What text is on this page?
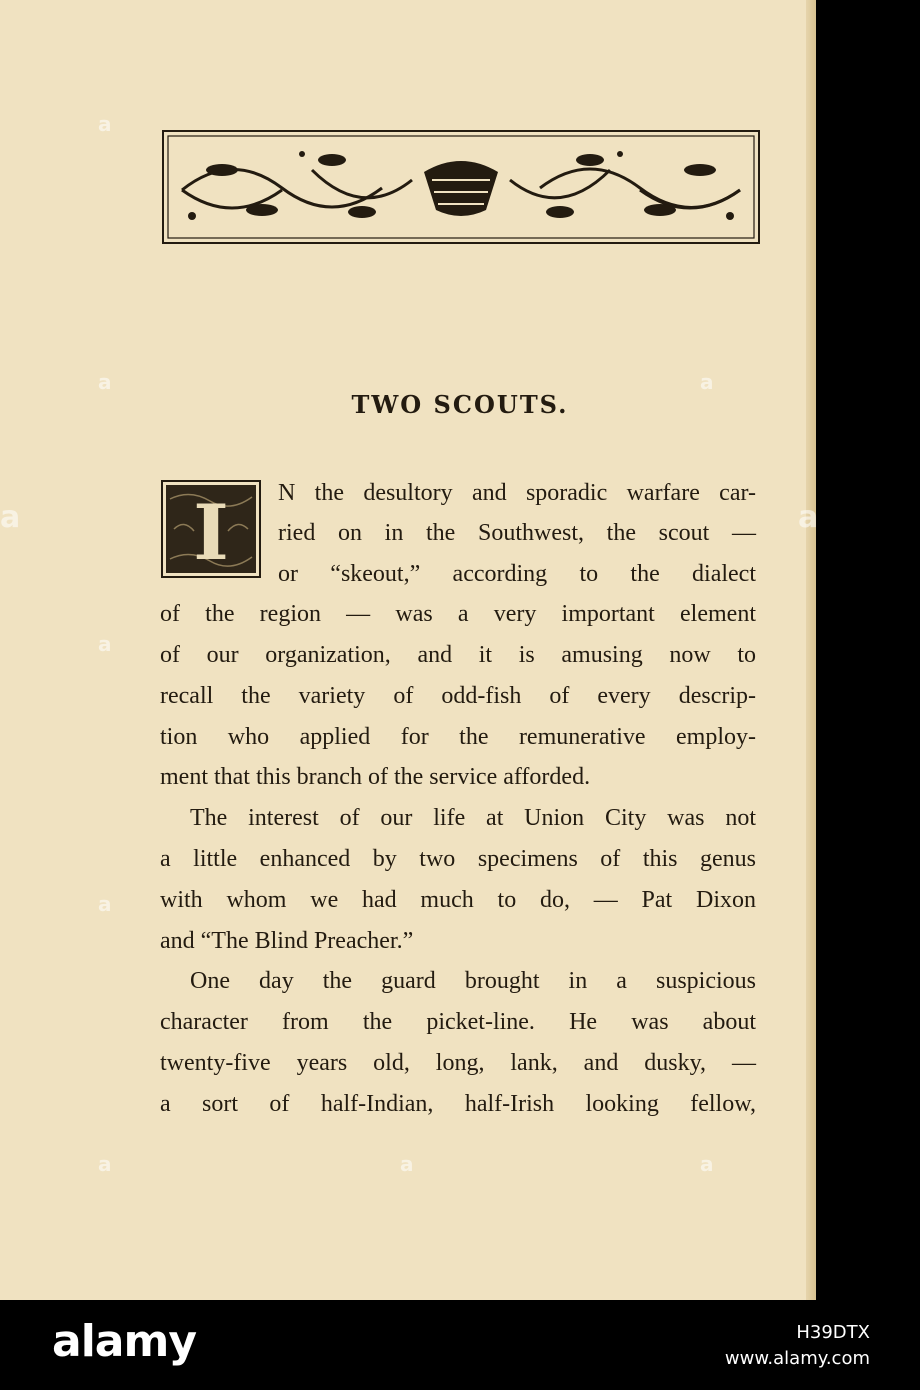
TWO SCOUTS.
I N the desultory and sporadic warfare car-
ried on in the Southwest, the scout —
or “skeout,” according to the dialect
of the region — was a very important element
of our organization, and it is amusing now to
recall the variety of odd-fish of every descrip-
tion who applied for the remunerative employ-
ment that this branch of the service afforded.
The interest of our life at Union City was not
a little enhanced by two specimens of this genus
with whom we had much to do, — Pat Dixon
and “The Blind Preacher.”
One day the guard brought in a suspicious
character from the picket-line. He was about
twenty-five years old, long, lank, and dusky, —
a sort of half-Indian, half-Irish looking fellow,
a
a
a
a
a	a	a
a
a	a
alamy	H39DTX
www.alamy.com
